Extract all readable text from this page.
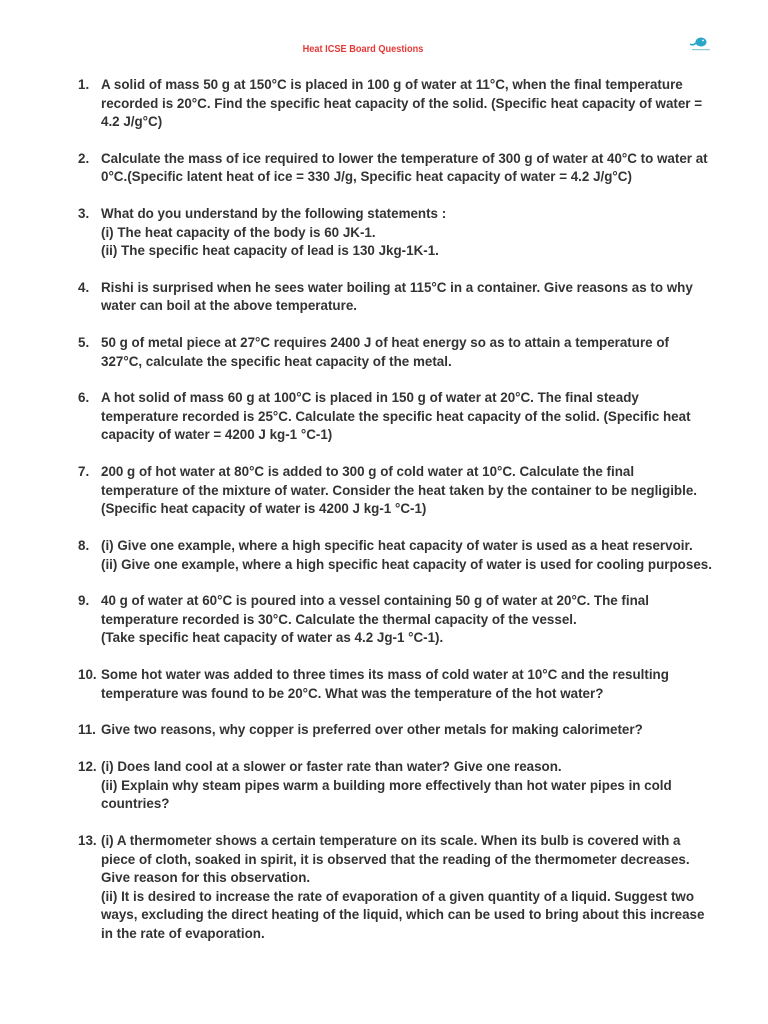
Heat ICSE Board Questions
1. A solid of mass 50 g at 150°C is placed in 100 g of water at 11°C, when the final temperature
recorded is 20°C. Find the specific heat capacity of the solid. (Specific heat capacity of water =
4.2 J/g°C)
2. Calculate the mass of ice required to lower the temperature of 300 g of water at 40°C to water at
0°C.(Specific latent heat of ice = 330 J/g, Specific heat capacity of water = 4.2 J/g°C)
3. What do you understand by the following statements :
(i) The heat capacity of the body is 60 JK-1.
(ii) The specific heat capacity of lead is 130 Jkg-1K-1.
4. Rishi is surprised when he sees water boiling at 115°C in a container. Give reasons as to why
water can boil at the above temperature.
5. 50 g of metal piece at 27°C requires 2400 J of heat energy so as to attain a temperature of
327°C, calculate the specific heat capacity of the metal.
6. A hot solid of mass 60 g at 100°C is placed in 150 g of water at 20°C. The final steady
temperature recorded is 25°C. Calculate the specific heat capacity of the solid. (Specific heat
capacity of water = 4200 J kg-1 °C-1)
7. 200 g of hot water at 80°C is added to 300 g of cold water at 10°C. Calculate the final
temperature of the mixture of water. Consider the heat taken by the container to be negligible.
(Specific heat capacity of water is 4200 J kg-1 °C-1)
8. (i) Give one example, where a high specific heat capacity of water is used as a heat reservoir.
(ii) Give one example, where a high specific heat capacity of water is used for cooling purposes.
9. 40 g of water at 60°C is poured into a vessel containing 50 g of water at 20°C. The final
temperature recorded is 30°C. Calculate the thermal capacity of the vessel.
(Take specific heat capacity of water as 4.2 Jg-1 °C-1).
10. Some hot water was added to three times its mass of cold water at 10°C and the resulting
temperature was found to be 20°C. What was the temperature of the hot water?
11. Give two reasons, why copper is preferred over other metals for making calorimeter?
12. (i) Does land cool at a slower or faster rate than water? Give one reason.
(ii) Explain why steam pipes warm a building more effectively than hot water pipes in cold
countries?
13. (i) A thermometer shows a certain temperature on its scale. When its bulb is covered with a
piece of cloth, soaked in spirit, it is observed that the reading of the thermometer decreases.
Give reason for this observation.
(ii) It is desired to increase the rate of evaporation of a given quantity of a liquid. Suggest two
ways, excluding the direct heating of the liquid, which can be used to bring about this increase
in the rate of evaporation.
